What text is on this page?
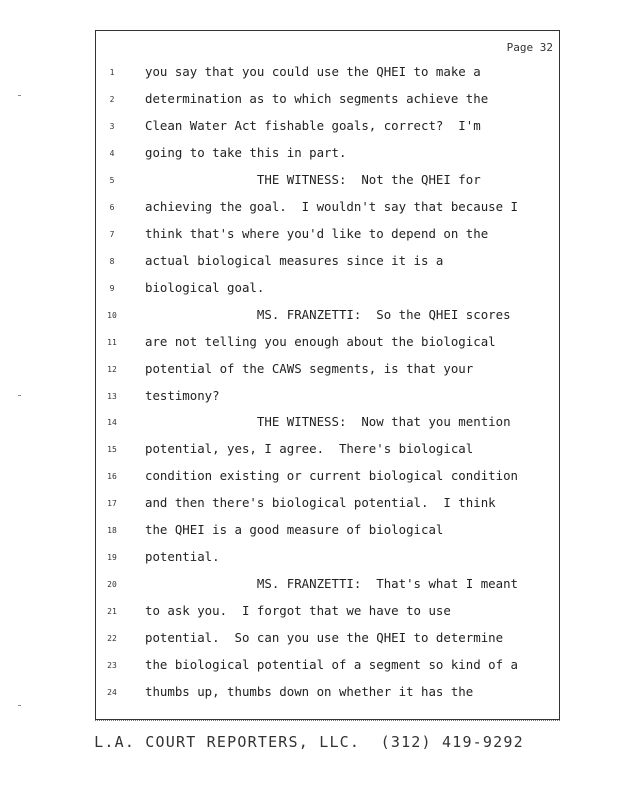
Page 32
1	you say that you could use the QHEI to make a
2	determination as to which segments achieve the
3	Clean Water Act fishable goals, correct?  I'm
4	going to take this in part.
5	THE WITNESS:  Not the QHEI for
6	achieving the goal.  I wouldn't say that because I
7	think that's where you'd like to depend on the
8	actual biological measures since it is a
9	biological goal.
10	MS. FRANZETTI:  So the QHEI scores
11	are not telling you enough about the biological
12	potential of the CAWS segments, is that your
13	testimony?
14	THE WITNESS:  Now that you mention
15	potential, yes, I agree.  There's biological
16	condition existing or current biological condition
17	and then there's biological potential.  I think
18	the QHEI is a good measure of biological
19	potential.
20	MS. FRANZETTI:  That's what I meant
21	to ask you.  I forgot that we have to use
22	potential.  So can you use the QHEI to determine
23	the biological potential of a segment so kind of a
24	thumbs up, thumbs down on whether it has the
L.A. COURT REPORTERS, LLC.  (312) 419-9292
